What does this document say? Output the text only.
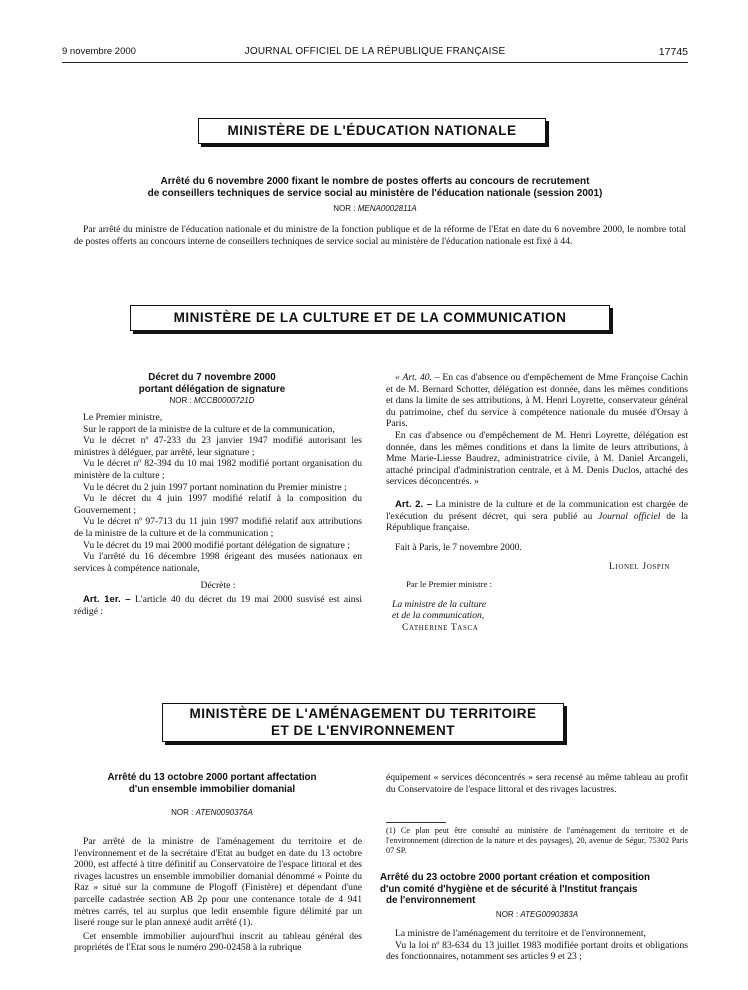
9 novembre 2000	JOURNAL OFFICIEL DE LA RÉPUBLIQUE FRANÇAISE	17745
MINISTÈRE DE L'ÉDUCATION NATIONALE
Arrêté du 6 novembre 2000 fixant le nombre de postes offerts au concours de recrutement
de conseillers techniques de service social au ministère de l'éducation nationale (session 2001)
NOR : MENA0002811A

Par arrêté du ministre de l'éducation nationale et du ministre de la fonction publique et de la réforme de l'Etat en date du 6 novembre 2000, le nombre total de postes offerts au concours interne de conseillers techniques de service social au ministère de l'éducation nationale est fixé à 44.

MINISTÈRE DE LA CULTURE ET DE LA COMMUNICATION
Décret du 7 novembre 2000
portant délégation de signature
NOR : MCCB0000721D

Le Premier ministre,

Sur le rapport de la ministre de la culture et de la communication,

Vu le décret nº 47-233 du 23 janvier 1947 modifié autorisant les ministres à déléguer, par arrêté, leur signature ;

Vu le décret nº 82-394 du 10 mai 1982 modifié portant organisation du ministère de la culture ;

Vu le décret du 2 juin 1997 portant nomination du Premier ministre ;

Vu le décret du 4 juin 1997 modifié relatif à la composition du Gouvernement ;

Vu le décret nº 97-713 du 11 juin 1997 modifié relatif aux attributions de la ministre de la culture et de la communication ;

Vu le décret du 19 mai 2000 modifié portant délégation de signature ;

Vu l'arrêté du 16 décembre 1998 érigeant des musées nationaux en services à compétence nationale,

Décrète :

Art. 1er. – L'article 40 du décret du 19 mai 2000 susvisé est ainsi rédigé :

« Art. 40. – En cas d'absence ou d'empêchement de Mme Françoise Cachin et de M. Bernard Schotter, délégation est donnée, dans les mêmes conditions et dans la limite de ses attributions, à M. Henri Loyrette, conservateur général du patrimoine, chef du service à compétence nationale du musée d'Orsay à Paris.

En cas d'absence ou d'empêchement de M. Henri Loyrette, délégation est donnée, dans les mêmes conditions et dans la limite de leurs attributions, à Mme Marie-Liesse Baudrez, administratrice civile, à M. Daniel Arcangeli, attaché principal d'administration centrale, et à M. Denis Duclos, attaché des services déconcentrés. »

Art. 2. – La ministre de la culture et de la communication est chargée de l'exécution du présent décret, qui sera publié au Journal officiel de la République française.

Fait à Paris, le 7 novembre 2000.

Lionel Jospin

Par le Premier ministre :

La ministre de la culture

et de la communication,

Catherine Tasca

MINISTÈRE DE L'AMÉNAGEMENT DU TERRITOIRE
ET DE L'ENVIRONNEMENT
Arrêté du 13 octobre 2000 portant affectation
d'un ensemble immobilier domanial
NOR : ATEN0090376A

Par arrêté de la ministre de l'aménagement du territoire et de l'environnement et de la secrétaire d'Etat au budget en date du 13 octobre 2000, est affecté à titre définitif au Conservatoire de l'espace littoral et des rivages lacustres un ensemble immobilier domanial dénommé « Pointe du Raz » situé sur la commune de Plogoff (Finistère) et dépendant d'une parcelle cadastrée section AB 2p pour une contenance totale de 4 941 mètres carrés, tel au surplus que ledit ensemble figure délimité par un liseré rouge sur le plan annexé audit arrêté (1).

Cet ensemble immobilier aujourd'hui inscrit au tableau général des propriétés de l'Etat sous le numéro 290-02458 à la rubrique

équipement « services déconcentrés » sera recensé au même tableau au profit du Conservatoire de l'espace littoral et des rivages lacustres.

(1) Ce plan peut être consulté au ministère de l'aménagement du territoire et de l'environnement (direction de la nature et des paysages), 20, avenue de Ségur, 75302 Paris 07 SP.
Arrêté du 23 octobre 2000 portant création et composition
d'un comité d'hygiène et de sécurité à l'Institut français
de l'environnement
NOR : ATEG0090383A

La ministre de l'aménagement du territoire et de l'environnement,

Vu la loi nº 83-634 du 13 juillet 1983 modifiée portant droits et obligations des fonctionnaires, notamment ses articles 9 et 23 ;
